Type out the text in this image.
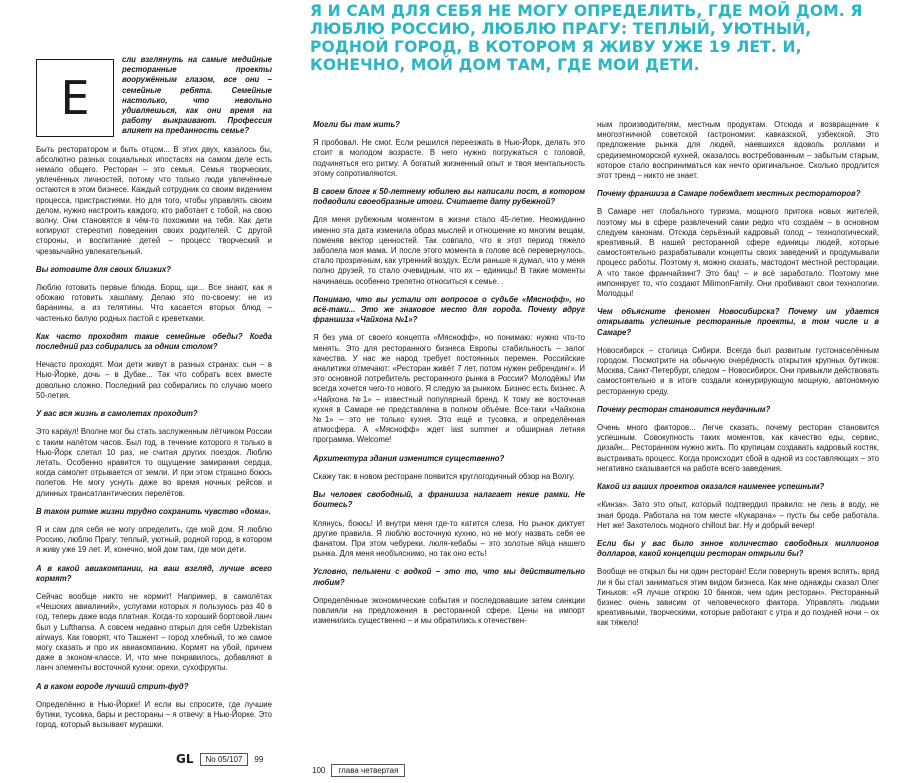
Я И САМ ДЛЯ СЕБЯ НЕ МОГУ ОПРЕДЕЛИТЬ, ГДЕ МОЙ ДОМ. Я ЛЮБЛЮ РОССИЮ, ЛЮБЛЮ ПРАГУ: ТЕПЛЫЙ, УЮТНЫЙ, РОДНОЙ ГОРОД, В КОТОРОМ Я ЖИВУ УЖЕ 19 ЛЕТ. И, КОНЕЧНО, МОЙ ДОМ ТАМ, ГДЕ МОИ ДЕТИ.
Е

сли взглянуть на самые медийные ресторанные проекты вооружённым глазом, все они – семейные ребята. Семейные настолько, что невольно удивляешься, как они время на работу выкраивают. Профессия влияет на преданность семье?

Быть ресторатором и быть отцом... В этих двух, казалось бы, абсолютно разных социальных ипостасях на самом деле есть немало общего. Ресторан – это семья. Семья творческих, увлечённых личностей, потому что только люди увлечённые остаются в этом бизнесе. Каждый сотрудник со своим видением процесса, пристрастиями. Но для того, чтобы управлять своим делом, нужно настроить каждого, кто работает с тобой, на свою волну. Они становятся в чём-то похожими на тебя. Как дети копируют стереотип поведения своих родителей. С другой стороны, и воспитание детей – процесс творческий и чрезвычайно увлекательный.

Вы готовите для своих близких?

Люблю готовить первые блюда. Борщ, щи... Все знают, как я обожаю готовить хашламу. Делаю это по-своему: не из баранины, а из телятины. Что касается вторых блюд – частенько балую родных пастой с креветками.

Как часто проходят такие семейные обеды? Когда последний раз собирались за одним столом?

Нечасто проходят. Мои дети живут в разных странах: сын – в Нью-Йорке, дочь – в Дубае... Так что собрать всех вместе довольно сложно. Последний раз собирались по случаю моего 50-летия.

У вас вся жизнь в самолетах проходит?

Это караул! Вполне мог бы стать заслуженным лётчиком России с таким налётом часов. Был год, в течение которого я только в Нью-Йорк слетал 10 раз, не считая других поездок. Люблю летать. Особенно нравится то ощущение замирания сердца, когда самолет отрывается от земли. И при этом страшно боюсь полетов. Не могу уснуть даже во время ночных рейсов и длинных трансатлантических перелётов.

В таком ритме жизни трудно сохранить чувство «дома».

Я и сам для себя не могу определить, где мой дом. Я люблю Россию, люблю Прагу: теплый, уютный, родной город, в котором я живу уже 19 лет. И, конечно, мой дом там, где мои дети.

А в какой авиакомпании, на ваш взгляд, лучше всего кормят?

Сейчас вообще никто не кормит! Например, в самолётах «Чешских авиалиний», услугами которых я пользуюсь раз 40 в год, теперь даже вода платная. Когда-то хороший бортовой ланч был у Lufthansa. А совсем недавно открыл для себя Uzbekistan airways. Как говорят, что Ташкент – город хлебный, то же самое могу сказать и про их авиакомпанию. Кормят на убой, причем даже в эконом-классе. И, что мне понравилось, добавляют в ланч элементы восточной кухни: орехи, сухофрукты.

А в каком городе лучший стрит-фуд?

Определённо в Нью-Йорке! И если вы спросите, где лучшие бутики, тусовка, бары и рестораны – я отвечу: в Нью-Йорке. Это город, который вызывает мурашки.

Могли бы там жить?

Я пробовал. Не смог. Если решился переезжать в Нью-Йорк, делать это стоит в молодом возрасте. В него нужно погружаться с головой, подчиняться его ритму. А богатый жизненный опыт и твоя ментальность этому сопротивляются.

В своем блоге к 50-летнему юбилею вы написали пост, в котором подводили своеобразные итоги. Считаете дату рубежной?

Для меня рубежным моментом в жизни стало 45-летие. Неожиданно именно эта дата изменила образ мыслей и отношение ко многим вещам, поменяв вектор ценностей. Так совпало, что в этот период тяжело заболела моя мама. И после этого момента в голове всё перевернулось, стало прозрачным, как утренний воздух. Если раньше я думал, что у меня полно друзей, то стало очевидным, что их – единицы! В такие моменты начинаешь особенно трепетно относиться к семье. .

Понимаю, что вы устали от вопросов о судьбе «Мяснофф», но всё-таки... Это же знаковое место для города. Почему вдруг франшиза «Чайхона №1»?

Я без ума от своего концепта «Мяснофф», но понимаю: нужно что-то менять. Это для ресторанного бизнеса Европы стабильность – залог качества. У нас же народ требует постоянных перемен. Российские аналитики отмечают: «Ресторан живёт 7 лет, потом нужен ребрендинг». И это основной потребитель ресторанного рынка в России? Молодёжь! Им всегда хочется чего-то нового. Я следую за рынком. Бизнес есть бизнес. А «Чайхона №1» – известный популярный бренд. К тому же восточная кухня в Самаре не представлена в полном объёме. Все-таки «Чайхона №1» – это не только кухня. Это ещё и тусовка, и определённая атмосфера. А «Мяснофф» ждет last summer и обширная летняя программа. Welcome!

Архитектура здания изменится существенно?

Скажу так: в новом ресторане появится круглогодичный обзор на Волгу.

Вы человек свободный, а франшиза налагает некие рамки. Не боитесь?

Клянусь, боюсь! И внутри меня где-то катится слеза. Но рынок диктует другие правила. Я люблю восточную кухню, но не могу назвать себя ее фанатом. При этом чебуреки, люля-кебабы – это золотые яйца нашего рынка. Для меня необъяснимо, но так оно есть!

Условно, пельмени с водкой – это то, что мы действительно любим?

Определённые экономические события и последовавшие затем санкции повлияли на предложения в ресторанной сфере. Цены на импорт изменились существенно – и мы обратились к отечествен-

ным производителям, местным продуктам. Отсюда и возвращение к многоэтничной советской гастрономии: кавказской, узбекской. Это предложение рынка для людей, наевшихся вдоволь роллами и средиземноморской кухней, оказалось востребованным – забытым старым, которое стало восприниматься как нечто оригинальное. Сколько продлится этот тренд – никто не знает.

Почему франшиза в Самаре побеждает местных рестораторов?

В Самаре нет глобального туризма, мощного притока новых жителей, поэтому мы в сфере развлечений сами редко что создаём – в основном следуем канонам. Отсюда серьёзный кадровый голод – технологический, креативный. В нашей ресторанной сфере единицы людей, которые самостоятельно разрабатывали концепты своих заведений и продумывали процесс работы. Поэтому я, можно сказать, мастодонт местной ресторации. А что такое франчайзинг? Это бац! – и всё заработало. Поэтому мне импонирует то, что создают MilimonFamily. Они пробивают свои технологии. Молодцы!

Чем объясните феномен Новосибирска? Почему им удается открывать успешные ресторанные проекты, в том числе и в Самаре?

Новосибирск – столица Сибири. Всегда был развитым густонаселённым городом. Посмотрите на обычную очерёдность открытия крупных бутиков: Москва, Санкт-Петербург, следом – Новосибирск. Они привыкли действовать самостоятельно и в итоге создали конкурирующую мощную, автономную ресторанную среду.

Почему ресторан становится неудачным?

Очень много факторов... Легче сказать, почему ресторан становится успешным. Совокупность таких моментов, как качество еды, сервис, дизайн... Ресторанном нужно жить. По крупицам создавать кадровый костяк, выстраивать процесс. Когда происходит сбой в одной из составляющих – это негативно сказывается на работе всего заведения.

Какой из ваших проектов оказался наименее успешным?

«Кинза». Зато это опыт, который подтвердил правило: не лезь в воду, не зная брода. Работала на том месте «Кукарача» – пусть бы себе работала. Нет же! Захотелось модного chillout bar. Ну и добрый вечер!

Если бы у вас было энное количество свободных миллионов долларов, какой концепции ресторан открыли бы?

Вообще не открыл бы ни один ресторан! Если повернуть время вспять, вряд ли я бы стал заниматься этим видом бизнеса. Как мне однажды сказал Олег Тиньков: «Я лучше открою 10 банков, чем один ресторан». Ресторанный бизнес очень зависим от человеческого фактора. Управлять людьми креативными, творческими, которые работают с утра и до поздней ночи – ох как тяжело!

GL	No 05/107	99
100	глава четвертая
